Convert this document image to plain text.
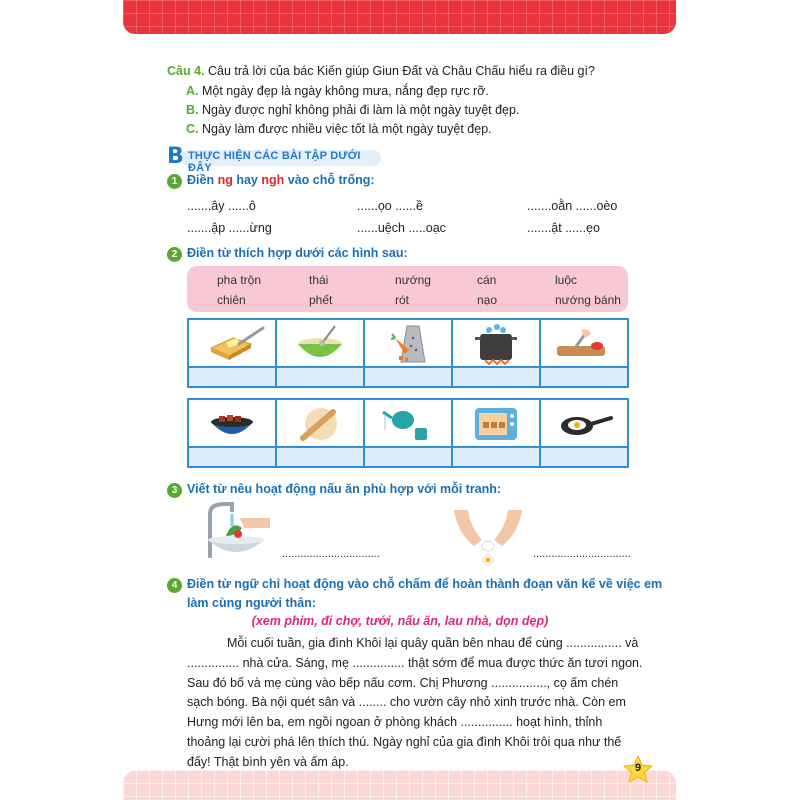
Câu 4. Câu trả lời của bác Kiến giúp Giun Đất và Châu Chấu hiểu ra điều gì?
A. Một ngày đẹp là ngày không mưa, nắng đẹp rực rỡ.
B. Ngày được nghỉ không phải đi làm là một ngày tuyệt đẹp.
C. Ngày làm được nhiều việc tốt là một ngày tuyệt đẹp.
B THỰC HIỆN CÁC BÀI TẬP DƯỚI ĐÂY
1 Điền ng hay ngh vào chỗ trống:
.......ây ......ô	......ọo ......ề	.......oằn ......oèo
.......ập ......ừng	......uệch .....oạc	.......ật ......ẹo
2 Điền từ thích hợp dưới các hình sau:
pha trộn	thái	nướng	cán	luộc
chiên	phết	rót	nạo	nướng bánh

3 Viết từ nêu hoạt động nấu ăn phù hợp với mỗi tranh:
................................	................................
4 Điền từ ngữ chỉ hoạt động vào chỗ chấm để hoàn thành đoạn văn kể về việc em
làm cùng người thân:
(xem phim, đi chợ, tưới, nấu ăn, lau nhà, dọn dẹp)
Mỗi cuối tuần, gia đình Khôi lại quây quần bên nhau để cùng ................ và
............... nhà cửa. Sáng, mẹ ............... thật sớm để mua được thức ăn tươi ngon.
Sau đó bố và mẹ cùng vào bếp nấu cơm. Chị Phương ................, cọ ấm chén
sạch bóng. Bà nội quét sân và ........ cho vườn cây nhỏ xinh trước nhà. Còn em
Hưng mới lên ba, em ngồi ngoan ở phòng khách ............... hoạt hình, thỉnh
thoảng lại cười phá lên thích thú. Ngày nghỉ của gia đình Khôi trôi qua như thế
đấy! Thật bình yên và ấm áp.	9
